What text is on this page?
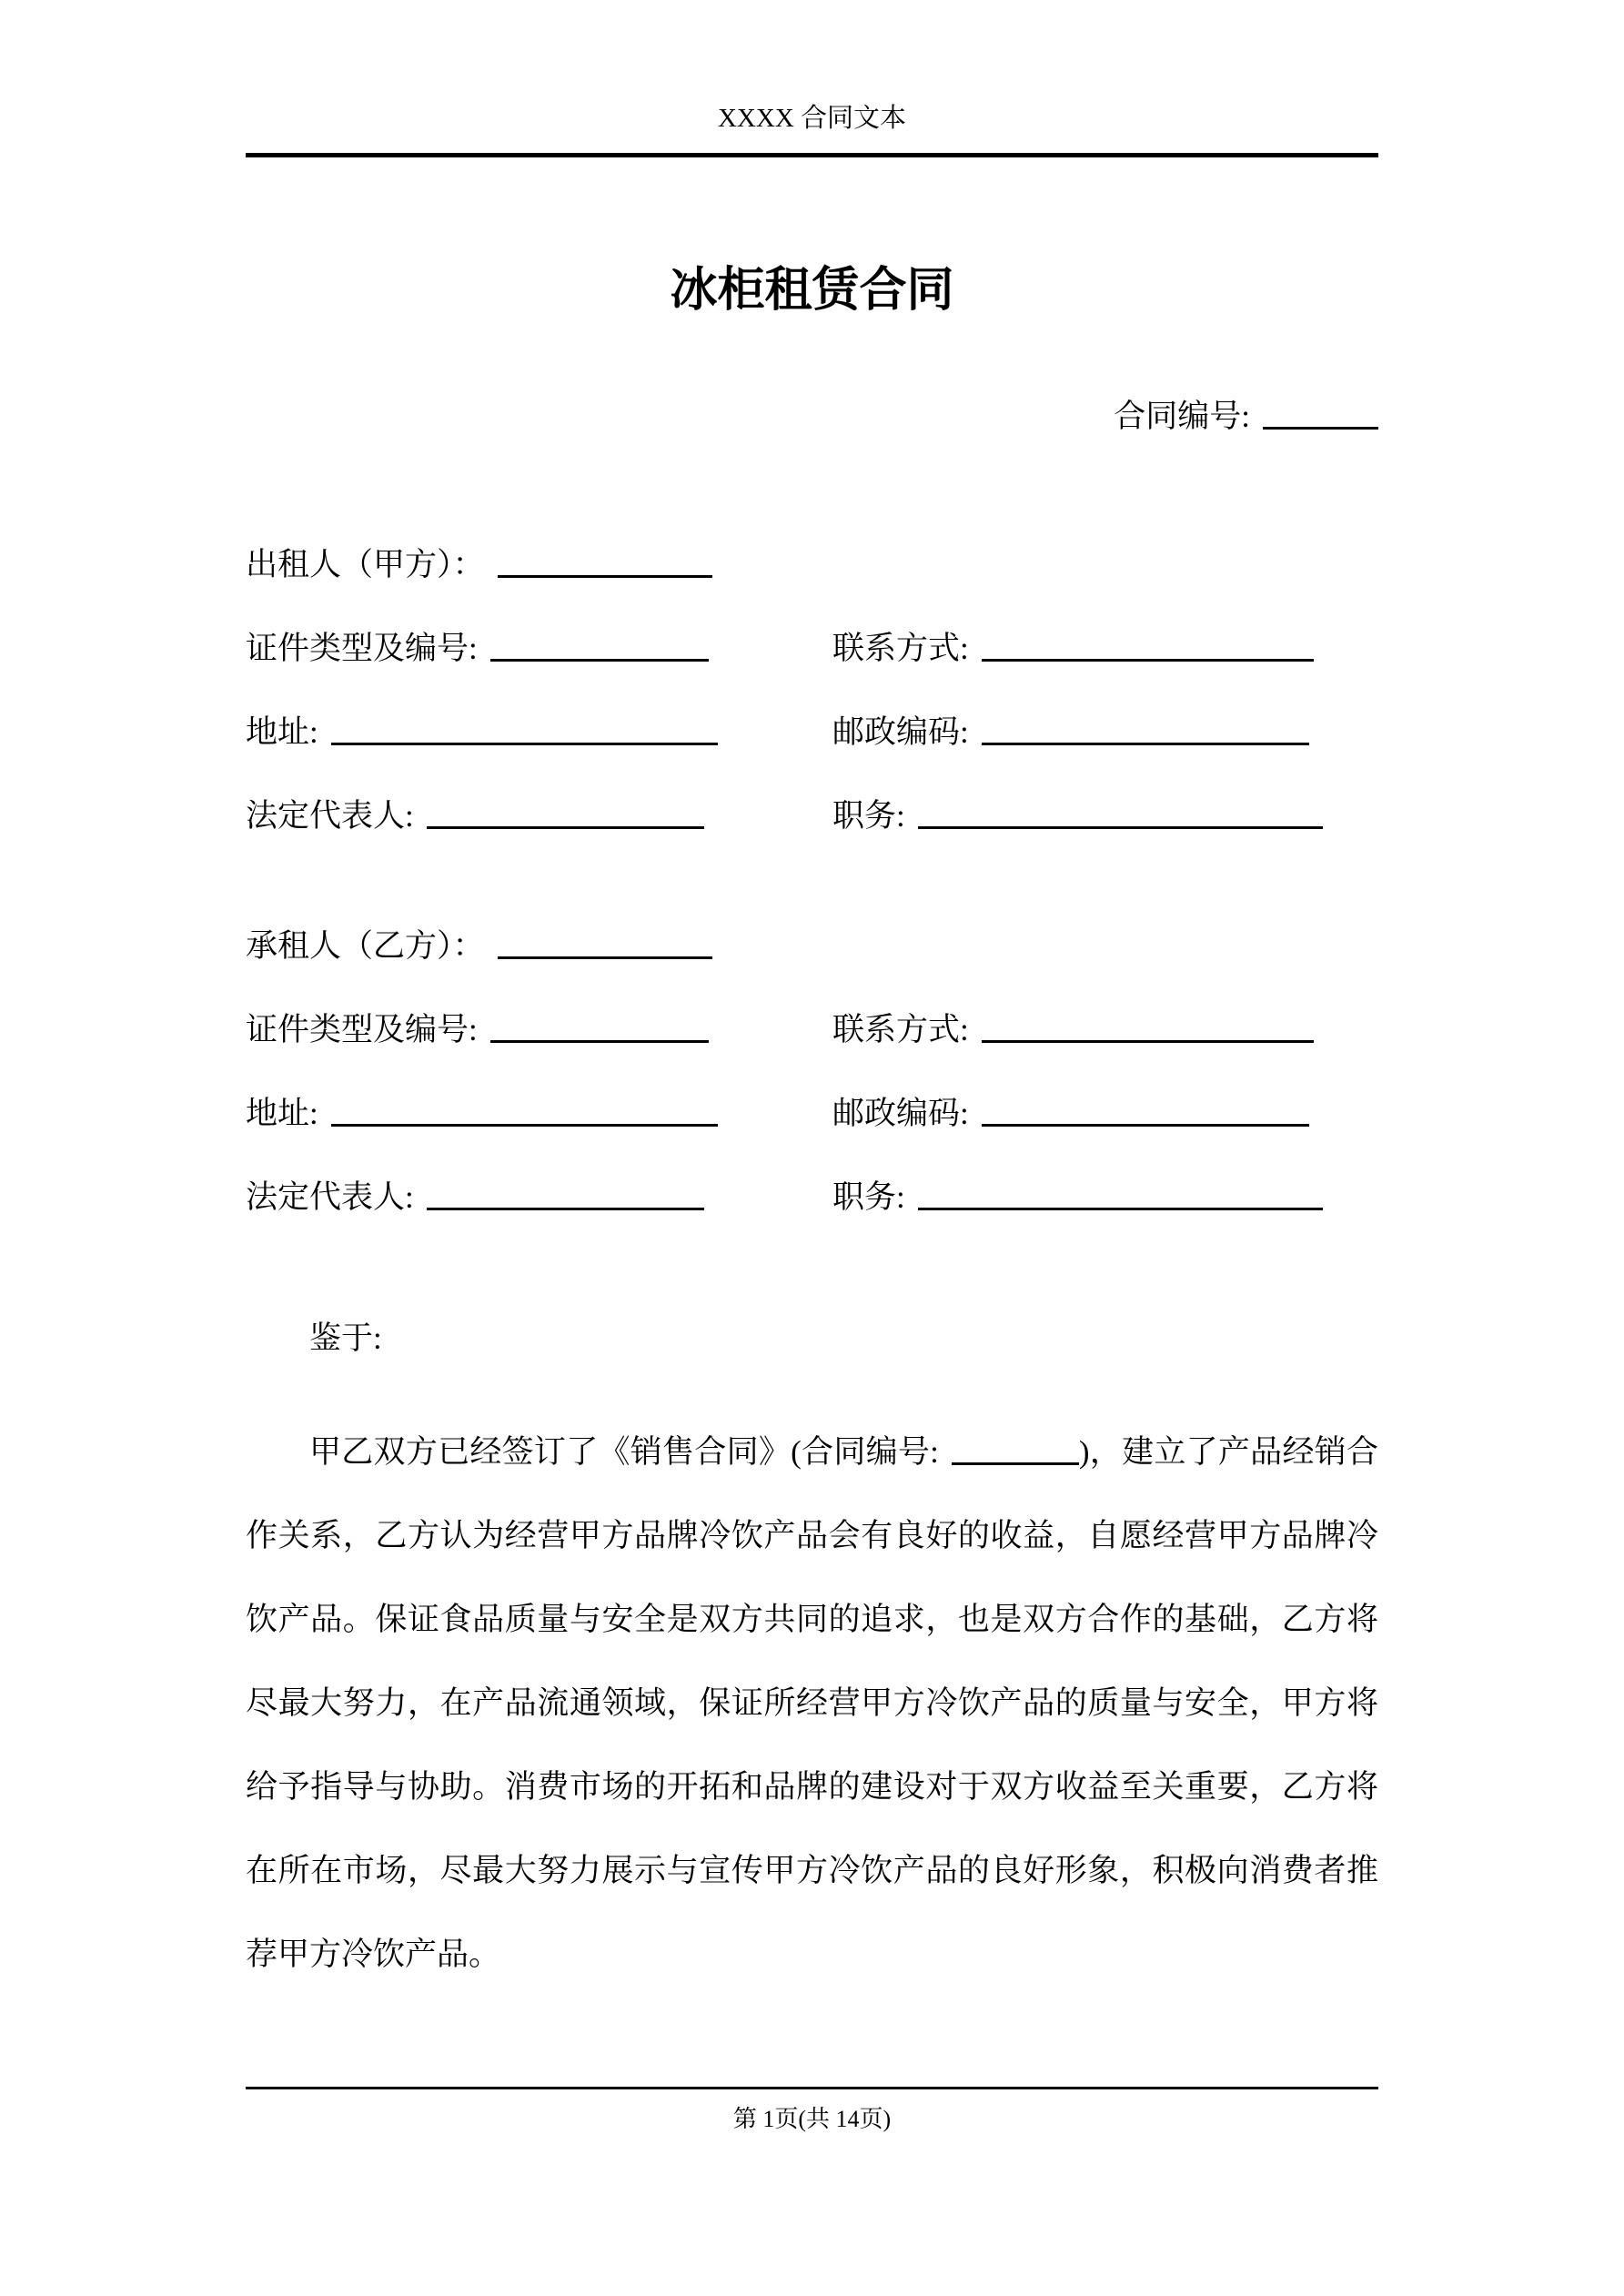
XXXX 合同文本
冰柜租赁合同
合同编号:
出租人（甲方）：
证件类型及编号:	联系方式:
地址:	邮政编码:
法定代表人:	职务:
承租人（乙方）：
证件类型及编号:	联系方式:
地址:	邮政编码:
法定代表人:	职务:
鉴于:
甲乙双方已经签订了《销售合同》(合同编号:	)，建立了产品经销合作关系，乙方认为经营甲方品牌冷饮产品会有良好的收益，自愿经营甲方品牌冷饮产品。保证食品质量与安全是双方共同的追求，也是双方合作的基础，乙方将尽最大努力，在产品流通领域，保证所经营甲方冷饮产品的质量与安全，甲方将给予指导与协助。消费市场的开拓和品牌的建设对于双方收益至关重要，乙方将在所在市场，尽最大努力展示与宣传甲方冷饮产品的良好形象，积极向消费者推荐甲方冷饮产品。
第 1页(共 14页)
